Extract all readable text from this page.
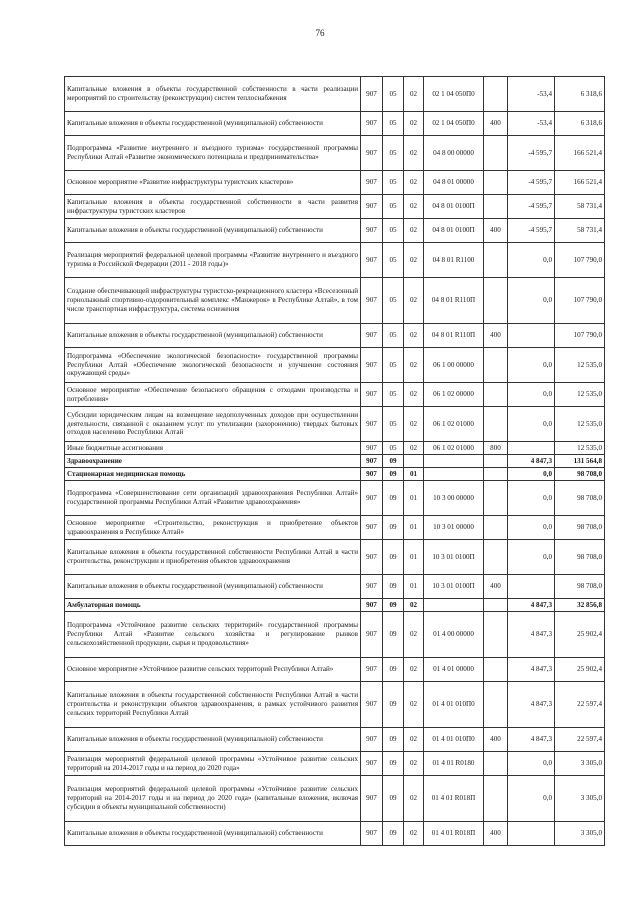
76
Капитальные вложения в объекты государственной собственности в части реализации мероприятий по строительству (реконструкции) систем теплоснабжения	907	05	02	02 1 04 050П0		-53,4	6 318,6
Капитальные вложения в объекты государственной (муниципальной) собственности	907	05	02	02 1 04 050П0	400	-53,4	6 318,6
Подпрограмма «Развитие внутреннего и въездного туризма» государственной программы Республики Алтай «Развитие экономического потенциала и предпринимательства»	907	05	02	04 8 00 00000		-4 595,7	166 521,4
Основное мероприятие «Развитие инфраструктуры туристских кластеров»	907	05	02	04 8 01 00000		-4 595,7	166 521,4
Капитальные вложения в объекты государственной собственности в части развития инфраструктуры туристских кластеров	907	05	02	04 8 01 0100П		-4 595,7	58 731,4
Капитальные вложения в объекты государственной (муниципальной) собственности	907	05	02	04 8 01 0100П	400	-4 595,7	58 731,4
Реализация мероприятий федеральной целевой программы «Развитие внутреннего и въездного туризма в Российской Федерации (2011 - 2018 годы)»	907	05	02	04 8 01 R1100		0,0	107 790,0
Создание обеспечивающей инфраструктуры туристско-рекреационного кластера «Всесезонный горнолыжный спортивно-оздоровительный комплекс «Манжерок» в Республике Алтай», в том числе транспортная инфраструктура, система оснежения	907	05	02	04 8 01 R110П		0,0	107 790,0
Капитальные вложения в объекты государственной (муниципальной) собственности	907	05	02	04 8 01 R110П	400		107 790,0
Подпрограмма «Обеспечение экологической безопасности» государственной программы Республики Алтай «Обеспечение экологической безопасности и улучшение состояния окружающей среды»	907	05	02	06 1 00 00000		0,0	12 535,0
Основное мероприятие «Обеспечение безопасного обращения с отходами производства и потребления»	907	05	02	06 1 02 00000		0,0	12 535,0
Субсидии юридическим лицам на возмещение недополученных доходов при осуществлении деятельности, связанной с оказанием услуг по утилизации (захоронению) твердых бытовых отходов населению Республики Алтай	907	05	02	06 1 02 01000		0,0	12 535,0
Иные бюджетные ассигнования	907	05	02	06 1 02 01000	800		12 535,0
Здравоохранение	907	09				4 847,3	131 564,8
Стационарная медицинская помощь	907	09	01			0,0	98 708,0
Подпрограмма «Совершенствование сети организаций здравоохранения Республики Алтай» государственной программы Республики Алтай «Развитие здравоохранения»	907	09	01	10 3 00 00000		0,0	98 708,0
Основное мероприятие «Строительство, реконструкция и приобретение объектов здравоохранения в Республике Алтай»	907	09	01	10 3 01 00000		0,0	98 708,0
Капитальные вложения в объекты государственной собственности Республики Алтай в части строительства, реконструкции и приобретения объектов здравоохранения	907	09	01	10 3 01 0100П		0,0	98 708,0
Капитальные вложения в объекты государственной (муниципальной) собственности	907	09	01	10 3 01 0100П	400		98 708,0
Амбулаторная помощь	907	09	02			4 847,3	32 856,8
Подпрограмма «Устойчивое развитие сельских территорий» государственной программы Республики Алтай «Развитие сельского хозяйства и регулирование рынков сельскохозяйственной продукции, сырья и продовольствия»	907	09	02	01 4 00 00000		4 847,3	25 902,4
Основное мероприятие «Устойчивое развитие сельских территорий Республики Алтай»	907	09	02	01 4 01 00000		4 847,3	25 902,4
Капитальные вложения в объекты государственной собственности Республики Алтай в части строительства и реконструкции объектов здравоохранения, в рамках устойчивого развития сельских территорий Республики Алтай	907	09	02	01 4 01 010П0		4 847,3	22 597,4
Капитальные вложения в объекты государственной (муниципальной) собственности	907	09	02	01 4 01 010П0	400	4 847,3	22 597,4
Реализация мероприятий федеральной целевой программы «Устойчивое развитие сельских территорий на 2014-2017 годы и на период до 2020 года»	907	09	02	01 4 01 R0180		0,0	3 305,0
Реализация мероприятий федеральной целевой программы «Устойчивое развитие сельских территорий на 2014-2017 годы и на период до 2020 года» (капитальные вложения, включая субсидии в объекты муниципальной собственности)	907	09	02	01 4 01 R018П		0,0	3 305,0
Капитальные вложения в объекты государственной (муниципальной) собственности	907	09	02	01 4 01 R018П	400		3 305,0
